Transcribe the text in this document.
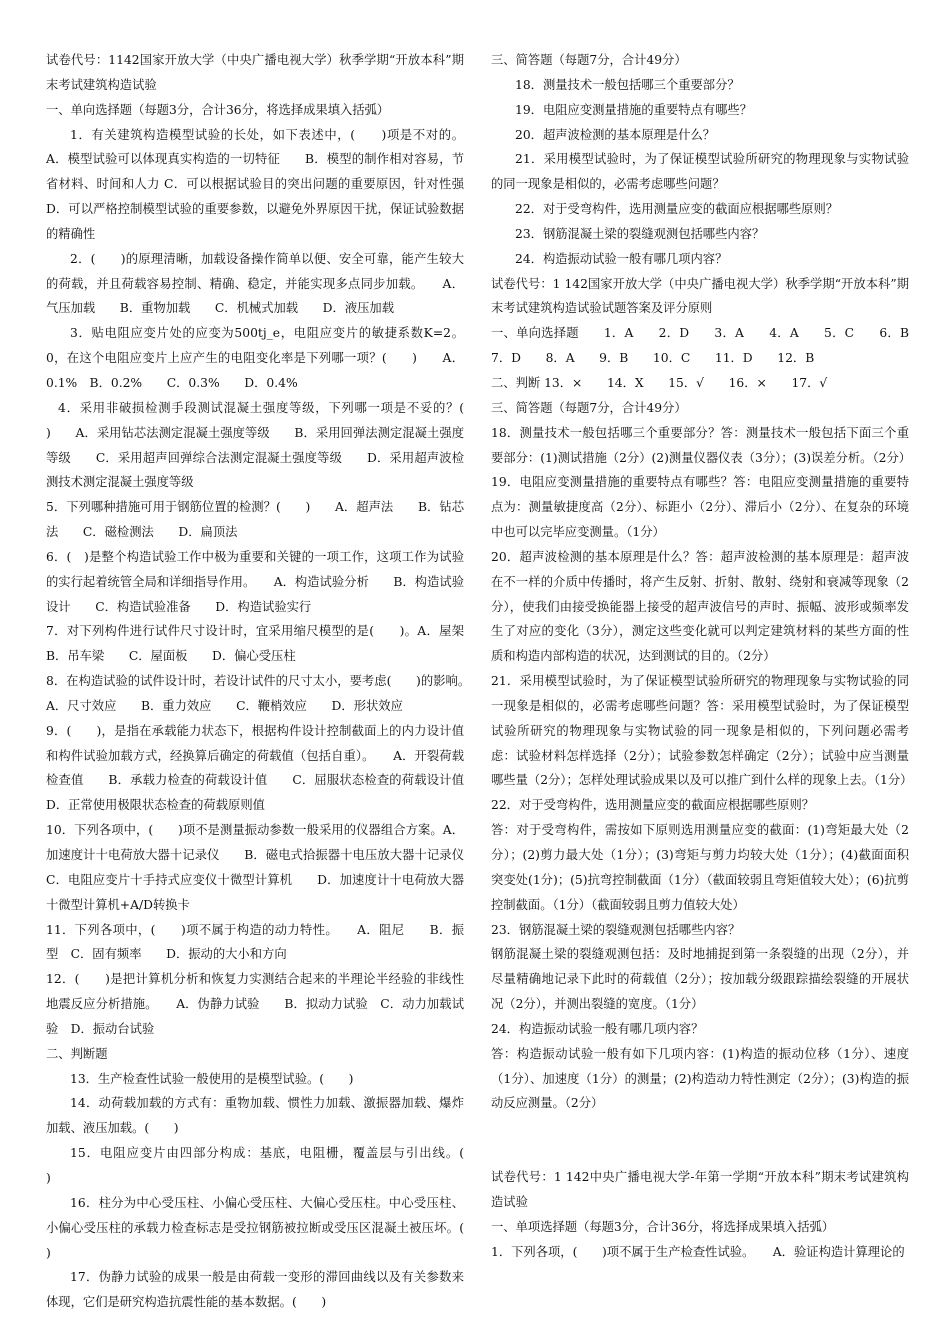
试卷代号：1142国家开放大学（中央广播电视大学）秋季学期“开放本科”期末考试建筑构造试验

一、单向选择题（每题3分，合计36分，将选择成果填入括弧）

1．有关建筑构造模型试验的长处，如下表述中，(　　)项是不对的。A．模型试验可以体现真实构造的一切特征　　B．模型的制作相对容易，节省材料、时间和人力 C．可以根据试验目的突出问题的重要原因，针对性强D．可以严格控制模型试验的重要参数，以避免外界原因干扰，保证试验数据的精确性

2．(　　)的原理清晰，加载设备操作简单以便、安全可靠，能产生较大的荷载，并且荷载容易控制、精确、稳定，并能实现多点同步加载。　　A．气压加载　　B．重物加载　　C．机械式加载　　D．液压加载

3．贴电阻应变片处的应变为500tj_e，电阻应变片的敏捷系数K=2。0，在这个电阻应变片上应产生的电阻变化率是下列哪一项？(　　)　　A．0.1%　B．0.2%　　C．0.3%　　D．0.4%

4．采用非破损检测手段测试混凝土强度等级，下列哪一项是不妥的？(　　)　　A．采用钻芯法测定混凝土强度等级　　B．采用回弹法测定混凝土强度等级　　C．采用超声回弹综合法测定混凝土强度等级　　D．采用超声波检测技术测定混凝土强度等级

5．下列哪种措施可用于钢筋位置的检测？(　　)　　A．超声法　　B．钻芯法　　C．磁检测法　　D．扁顶法

6．(　)是整个构造试验工作中极为重要和关键的一项工作，这项工作为试验的实行起着统管全局和详细指导作用。　　A．构造试验分析　　B．构造试验设计　　C．构造试验准备　　D．构造试验实行

7．对下列构件进行试件尺寸设计时，宜采用缩尺模型的是(　　)。A．屋架　B．吊车梁　　C．屋面板　　D．偏心受压柱

8．在构造试验的试件设计时，若设计试件的尺寸太小，要考虑(　　)的影响。　A．尺寸效应　　B．重力效应　　C．鞭梢效应　　D．形状效应

9．(　　)，是指在承载能力状态下，根据构件设计控制截面上的内力设计值和构件试验加载方式，经换算后确定的荷载值（包括自重）。　　A．开裂荷载检查值　　B．承载力检查的荷载设计值　　C．屈服状态检查的荷载设计值　D．正常使用极限状态检查的荷载原则值

10．下列各项中，(　　)项不是测量振动参数一般采用的仪器组合方案。A．加速度计十电荷放大器十记录仪　　B．磁电式拾振器十电压放大器十记录仪　　C．电阻应变片十手持式应变仪十微型计算机　　D．加速度计十电荷放大器十微型计算机+A/D转换卡

11．下列各项中，(　　)项不属于构造的动力特性。　　A．阻尼　　B．振型　C．固有频率　　D．振动的大小和方向

12．(　　)是把计算机分析和恢复力实测结合起来的半理论半经验的非线性地震反应分析措施。　　A．伪静力试验　　B．拟动力试验　C．动力加载试验　D．振动台试验

二、判断题

13．生产检查性试验一般使用的是模型试验。(　　)

14．动荷载加载的方式有：重物加载、惯性力加载、激振器加载、爆炸加载、液压加载。(　　)

15．电阻应变片由四部分构成：基底，电阻栅，覆盖层与引出线。(　　)

16．柱分为中心受压柱、小偏心受压柱、大偏心受压柱。中心受压柱、小偏心受压柱的承载力检查标志是受拉钢筋被拉断或受压区混凝土被压坏。(　　)

17．伪静力试验的成果一般是由荷载一变形的滞回曲线以及有关参数来体现，它们是研究构造抗震性能的基本数据。(　　)

三、简答题（每题7分，合计49分）

18．测量技术一般包括哪三个重要部分？

19．电阻应变测量措施的重要特点有哪些？

20．超声波检测的基本原理是什么？

21．采用模型试验时，为了保证模型试验所研究的物理现象与实物试验的同一现象是相似的，必需考虑哪些问题？

22．对于受弯构件，选用测量应变的截面应根据哪些原则？

23．钢筋混凝土梁的裂缝观测包括哪些内容？

24．构造振动试验一般有哪几项内容？

试卷代号：1 142国家开放大学（中央广播电视大学）秋季学期“开放本科”期末考试建筑构造试验试题答案及评分原则

一、单向选择题　　1．A　　2．D　　3．A　　4．A　　5．C　　6．B　　7．D　　8．A　　9．B　　10．C　　11．D　　12．B

二、判断 13．×　　14．X　　15．√　　16．×　　17．√

三、简答题（每题7分，合计49分）

18．测量技术一般包括哪三个重要部分？答：测量技术一般包括下面三个重要部分：(1)测试措施（2分）(2)测量仪器仪表（3分）；(3)误差分析。（2分）

19．电阻应变测量措施的重要特点有哪些？答：电阻应变测量措施的重要特点为：测量敏捷度高（2分）、标距小（2分）、滞后小（2分）、在复杂的环境中也可以完毕应变测量。（1分）

20．超声波检测的基本原理是什么？答：超声波检测的基本原理是：超声波在不一样的介质中传播时，将产生反射、折射、散射、绕射和衰减等现象（2分），使我们由接受换能器上接受的超声波信号的声时、振幅、波形或频率发生了对应的变化（3分），测定这些变化就可以判定建筑材料的某些方面的性质和构造内部构造的状况，达到测试的目的。（2分）

21．采用模型试验时，为了保证模型试验所研究的物理现象与实物试验的同一现象是相似的，必需考虑哪些问题？答：采用模型试验时，为了保证模型试验所研究的物理现象与实物试验的同一现象是相似的，下列问题必需考虑：试验材料怎样选择（2分）；试验参数怎样确定（2分）；试验中应当测量哪些量（2分）；怎样处理试验成果以及可以推广到什么样的现象上去。（1分）

22．对于受弯构件，选用测量应变的截面应根据哪些原则？

答：对于受弯构件，需按如下原则选用测量应变的截面：(1)弯矩最大处（2分）；(2)剪力最大处（1分）；(3)弯矩与剪力均较大处（1分）；(4)截面面积突变处(1分)；(5)抗弯控制截面（1分）（截面较弱且弯矩值较大处）；(6)抗剪控制截面。（1分）（截面较弱且剪力值较大处）

23．钢筋混凝土梁的裂缝观测包括哪些内容？

钢筋混凝土梁的裂缝观测包括：及时地捕捉到第一条裂缝的出现（2分），并尽量精确地记录下此时的荷载值（2分）；按加载分级跟踪描绘裂缝的开展状况（2分），并测出裂缝的宽度。（1分）

24．构造振动试验一般有哪几项内容？

答：构造振动试验一般有如下几项内容：(1)构造的振动位移（1分）、速度（1分）、加速度（1分）的测量；(2)构造动力特性测定（2分）；(3)构造的振动反应测量。（2分）

试卷代号：1 142中央广播电视大学-年第一学期“开放本科”期末考试建筑构造试验

一、单项选择题（每题3分，合计36分，将选择成果填入括弧）

1．下列各项，(　　)项不属于生产检查性试验。　　A．验证构造计算理论的
